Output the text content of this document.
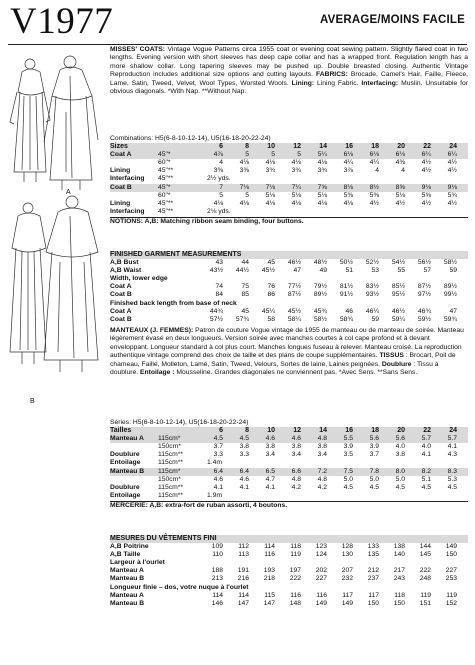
V1977	AVERAGE/MOINS FACILE
A
B

MISSES' COATS: Vintage Vogue Patterns circa 1955 coat or evening coat sewing pattern. Slightly flared coat in two lengths. Evening version with short sleeves has deep cape collar and has a wrapped front. Regulation length has a more shallow collar. Long tapering sleeves may be pushed up. Double breasted closing. Authentic Vintage Reproduction includes additional size options and cutting layouts. FABRICS: Brocade, Camel's Hair, Faille, Fleece, Lame, Satin, Tweed, Velvet, Wool Types, Worsted Wools. Lining: Lining Fabric. Interfacing: Muslin. Unsuitable for obvious diagonals. *With Nap. **Without Nap.

Combinations: H5(6-8-10-12-14), U5(16-18-20-22-24)
Sizes	6	8	10	12	14	16	18	20	22	24
Coat A	45"*	4⅞	5	5	5	5¼	6⅛	6⅛	6⅛	6¼	6¼
60"*	4	4⅛	4⅛	4⅛	4⅛	4¼	4¼	4⅜	4½	4½
Lining	45"**	3⅜	3⅜	3¾	3¾	3¾	3⅞	4	4	4½	4½
Interfacing 45"**	2½ yds.
Coat B	45"*	7	7⅛	7⅛	7¼	7⅝	8⅛	8½	8⅝	9⅛	9⅛
60"*	5	5	5⅛	5⅛	5⅛	5⅜	5⅜	5⅛	5⅝	5¾
Lining	45"**	4⅛	4⅛	4⅛	4⅛	4⅛	4⅛	4½	4½	4½	4½
Interfacing 45"**	2⅛ yds.
NOTIONS: A,B: Matching ribbon seam binding, four buttons.
FINISHED GARMENT MEASUREMENTS
A,B Bust	43	44	45	46½	48½	50½	52½	54½	56½	58½
A,B Waist	43½	44½	45½	47	49	51	53	55	57	59
Width, lower edge
Coat A	74	75	76	77½	79½	81½	83½	85½	87½	89½
Coat B	84	85	86	87½	89½	91½	93½	95½	97½	99½
Finished back length from base of neck
Coat A	44¾	45	45¼	45½	45¾	46	46¼	46½	46¾	47
Coat B	57½	57¾	58	58¼	58½	58¾	59	59¼	59½	59¾

MANTEAUX (J. FEMMES): Patron de couture Vogue vintage de 1955 de manteau ou de manteau de soirée. Manteau légèrement évasé en deux longueurs. Version soirée avec manches courtes à col cape profond et à devant enveloppant. Longueur standard à col plus court. Manches longues fuseau à relever. Manteau croisé. La reproduction authentique vintage comprend des choix de taille et des plans de coupe supplémentaires. TISSUS : Brocart, Poil de chameau, Faille, Molleton, Lamé, Satin, Tweed, Velours, Sortes de laine, Laines peignées. Doublure : Tissu à doublure. Entoilage : Mousseline. Grandes diagonales ne conviennent pas. *Avec Sens. **Sans Sens.

Séries: H5(6-8-10-12-14), U5(16-18-20-22-24)
Tailles	6	8	10	12	14	16	18	20	22	24
Manteau A 115cm*	4.5	4.5	4.6	4.6	4.8	5.5	5.6	5.6	5.7	5.7
150cm*	3.7	3.8	3.8	3.8	3.8	3.9	3.9	4.0	4.0	4.1
Doublure	115cm**	3.3	3.3	3.4	3.4	3.4	3.5	3.7	3.8	4.1	4.3
Entoilage	115cm**	1.4m
Manteau B 115cm*	6.4	6.4	6.5	6.6	7.2	7.5	7.8	8.0	8.2	8.3
150cm*	4.6	4.6	4.7	4.8	4.8	5.0	5.0	5.0	5.1	5.3
Doublure	115cm**	4.1	4.1	4.1	4.2	4.2	4.5	4.5	4.5	4.5	4.5
Entoilage	115cm**	1.9m
MERCERIE: A,B: extra-fort de ruban assorti, 4 boutons.
MESURES DU VÊTEMENTS FINI
A,B Poitrine	109	112	114	118	123	128	133	138	144	149
A,B Taille	110	113	116	119	124	130	135	140	145	150
Largeur à l'ourlet
Manteau A	188	191	193	197	202	207	212	217	222	227
Manteau B	213	216	218	222	227	232	237	243	248	253
Longueur finie – dos, votre nuque à l'ourlet
Manteau A	114	114	115	116	116	117	117	118	119	119
Manteau B	146	147	147	148	149	149	150	150	151	152
